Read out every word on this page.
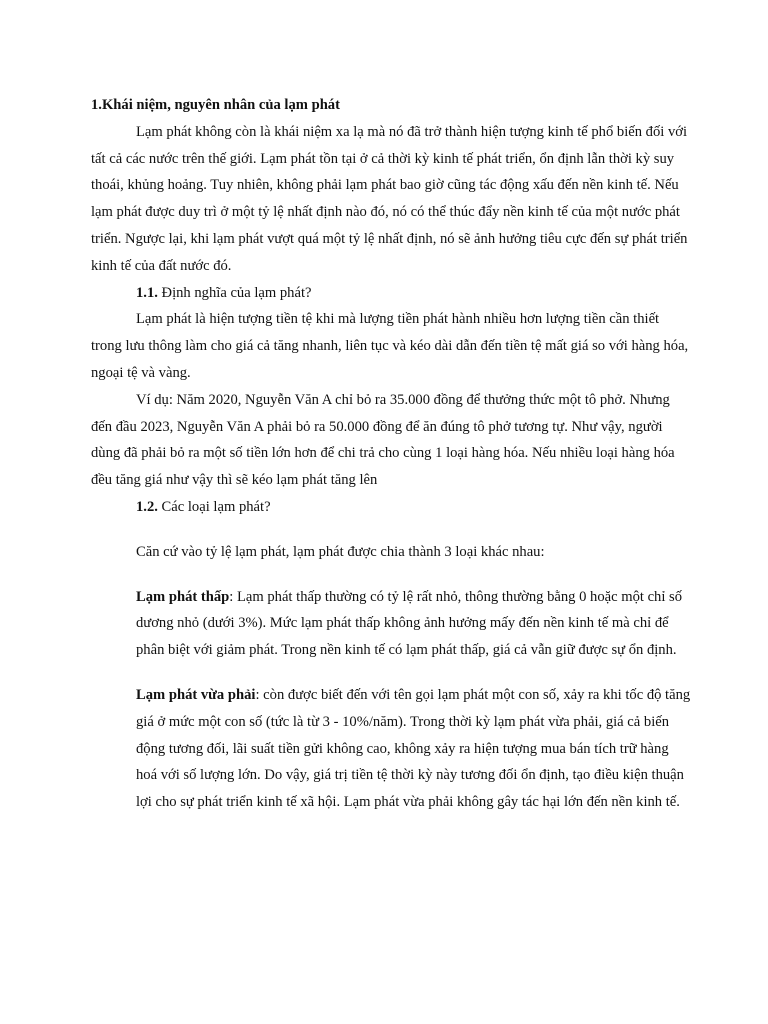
1.Khái niệm, nguyên nhân của lạm phát

Lạm phát không còn là khái niệm xa lạ mà nó đã trở thành hiện tượng kinh tế phổ biến đối với tất cả các nước trên thế giới. Lạm phát tồn tại ở cả thời kỳ kinh tế phát triển, ổn định lẫn thời kỳ suy thoái, khủng hoảng. Tuy nhiên, không phải lạm phát bao giờ cũng tác động xấu đến nền kinh tế. Nếu lạm phát được duy trì ở một tỷ lệ nhất định nào đó, nó có thể thúc đẩy nền kinh tế của một nước phát triển. Ngược lại, khi lạm phát vượt quá một tỷ lệ nhất định, nó sẽ ảnh hưởng tiêu cực đến sự phát triển kinh tế của đất nước đó.

1.1. Định nghĩa của lạm phát?

Lạm phát là hiện tượng tiền tệ khi mà lượng tiền phát hành nhiều hơn lượng tiền cần thiết trong lưu thông làm cho giá cả tăng nhanh, liên tục và kéo dài dẫn đến tiền tệ mất giá so với hàng hóa, ngoại tệ và vàng.

Ví dụ: Năm 2020, Nguyễn Văn A chỉ bỏ ra 35.000 đồng để thưởng thức một tô phở. Nhưng đến đầu 2023, Nguyễn Văn A phải bỏ ra 50.000 đồng để ăn đúng tô phở tương tự. Như vậy, người dùng đã phải bỏ ra một số tiền lớn hơn để chi trả cho cùng 1 loại hàng hóa. Nếu nhiều loại hàng hóa đều tăng giá như vậy thì sẽ kéo lạm phát tăng lên

1.2. Các loại lạm phát?

Căn cứ vào tỷ lệ lạm phát, lạm phát được chia thành 3 loại khác nhau:

Lạm phát thấp: Lạm phát thấp thường có tỷ lệ rất nhỏ, thông thường bằng 0 hoặc một chỉ số dương nhỏ (dưới 3%). Mức lạm phát thấp không ảnh hưởng mấy đến nền kinh tế mà chỉ để phân biệt với giảm phát. Trong nền kinh tế có lạm phát thấp, giá cả vẫn giữ được sự ổn định.

Lạm phát vừa phải: còn được biết đến với tên gọi lạm phát một con số, xảy ra khi tốc độ tăng giá ở mức một con số (tức là từ 3 - 10%/năm). Trong thời kỳ lạm phát vừa phải, giá cả biến động tương đối, lãi suất tiền gửi không cao, không xảy ra hiện tượng mua bán tích trữ hàng hoá với số lượng lớn. Do vậy, giá trị tiền tệ thời kỳ này tương đối ổn định, tạo điều kiện thuận lợi cho sự phát triển kinh tế xã hội. Lạm phát vừa phải không gây tác hại lớn đến nền kinh tế.
